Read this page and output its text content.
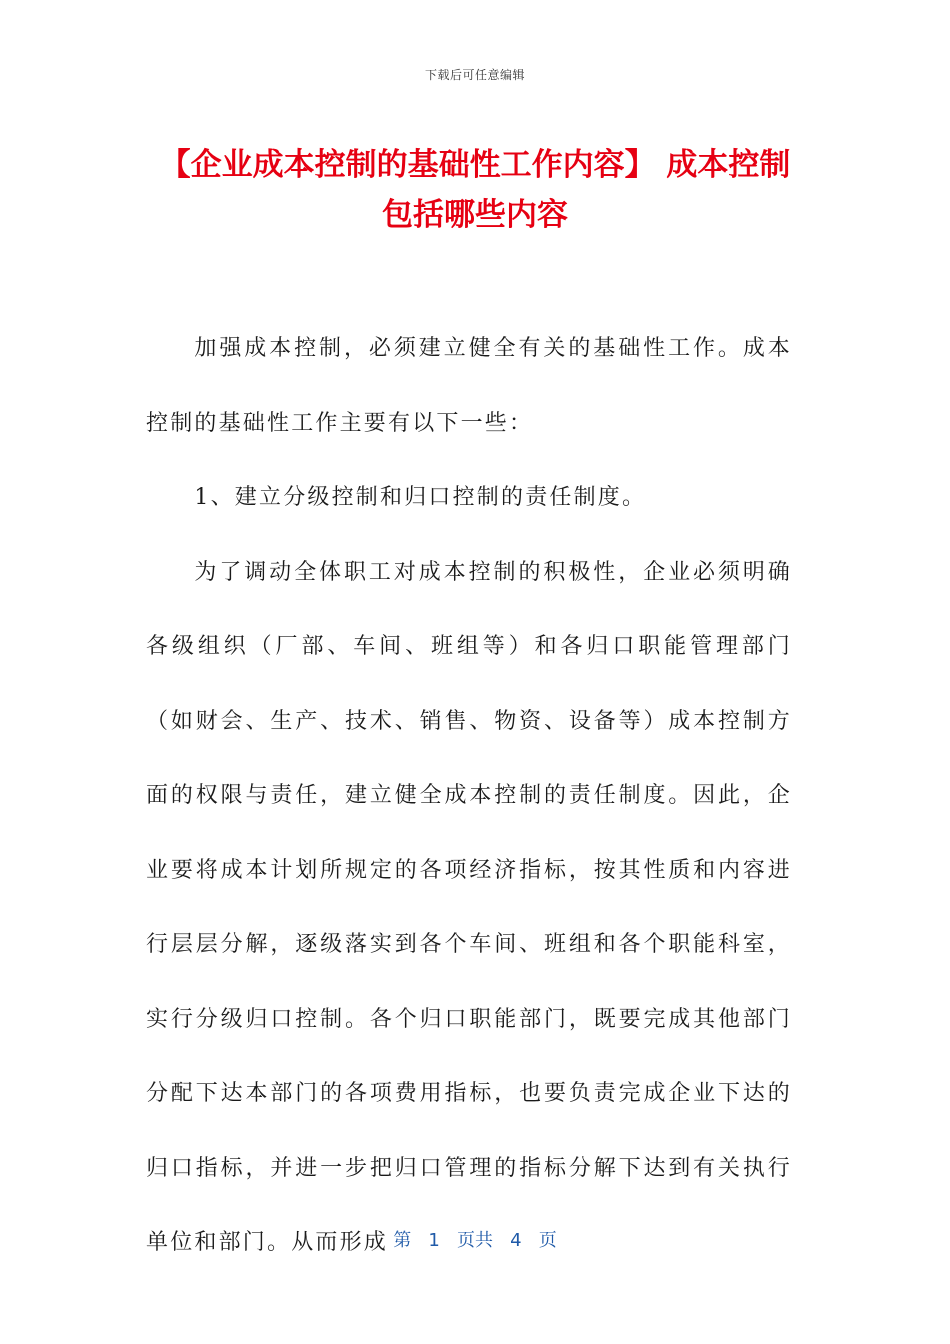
下载后可任意编辑
【企业成本控制的基础性工作内容】 成本控制包括哪些内容

加强成本控制，必须建立健全有关的基础性工作。成本控制的基础性工作主要有以下一些：

1、建立分级控制和归口控制的责任制度。

为了调动全体职工对成本控制的积极性，企业必须明确各级组织（厂部、车间、班组等）和各归口职能管理部门（如财会、生产、技术、销售、物资、设备等）成本控制方面的权限与责任，建立健全成本控制的责任制度。因此，企业要将成本计划所规定的各项经济指标，按其性质和内容进行层层分解，逐级落实到各个车间、班组和各个职能科室，实行分级归口控制。各个归口职能部门，既要完成其他部门分配下达本部门的各项费用指标，也要负责完成企业下达的归口指标，并进一步把归口管理的指标分解下达到有关执行单位和部门。从而形成 第 1 页共 4 页
